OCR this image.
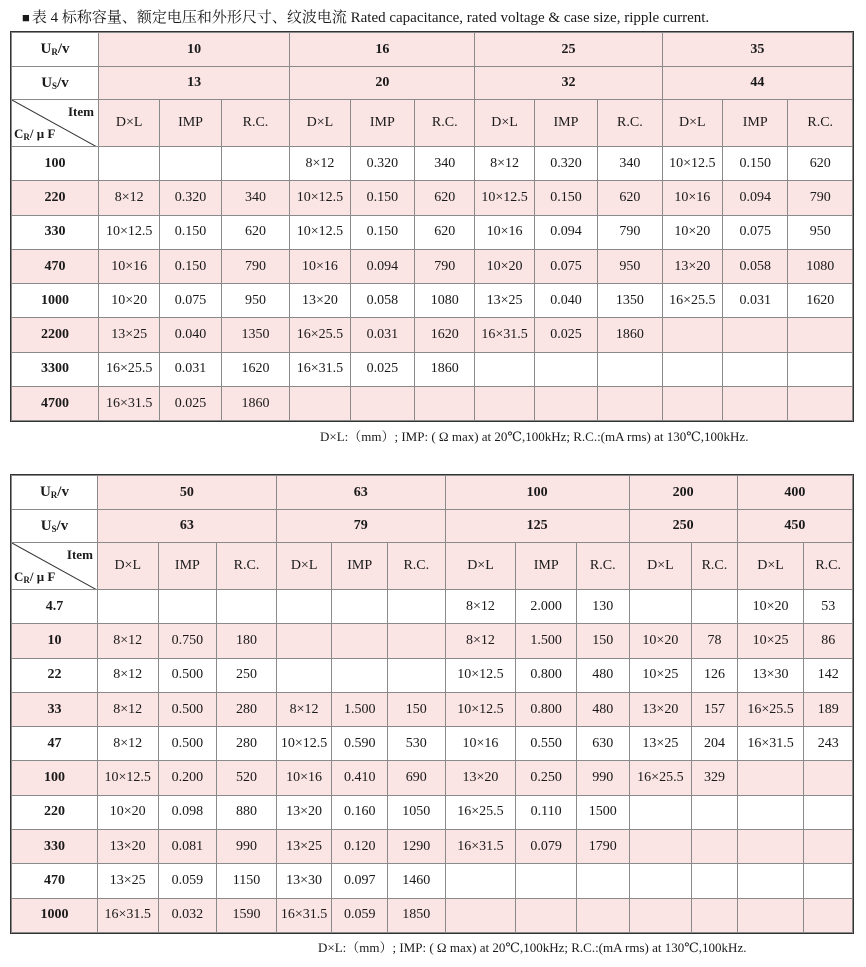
■ 表 4 标称容量、额定电压和外形尺寸、纹波电流 Rated capacitance, rated voltage & case size, ripple current.
$U_R/v$	10			16			25			35		
$U_S/v$	13			20			32			44		

Item
$C_R/$ μ F	D×L	IMP	R.C.	D×L	IMP	R.C.	D×L	IMP	R.C.	D×L	IMP	R.C.
100				8×12	0.320	340	8×12	0.320	340	10×12.5	0.150	620
220	8×12	0.320	340	10×12.5	0.150	620	10×12.5	0.150	620	10×16	0.094	790
330	10×12.5	0.150	620	10×12.5	0.150	620	10×16	0.094	790	10×20	0.075	950
470	10×16	0.150	790	10×16	0.094	790	10×20	0.075	950	13×20	0.058	1080
1000	10×20	0.075	950	13×20	0.058	1080	13×25	0.040	1350	16×25.5	0.031	1620
2200	13×25	0.040	1350	16×25.5	0.031	1620	16×31.5	0.025	1860			
3300	16×25.5	0.031	1620	16×31.5	0.025	1860						
4700	16×31.5	0.025	1860									
D×L:（mm）; IMP: ( Ω max) at 20℃,100kHz; R.C.:(mA rms) at 130℃,100kHz.
$U_R/v$	50			63			100			200		400	
$U_S/v$	63			79			125			250		450	

Item
$C_R/$ μ F	D×L	IMP	R.C.	D×L	IMP	R.C.	D×L	IMP	R.C.	D×L	R.C.	D×L	R.C.
4.7							8×12	2.000	130			10×20	53
10	8×12	0.750	180				8×12	1.500	150	10×20	78	10×25	86
22	8×12	0.500	250				10×12.5	0.800	480	10×25	126	13×30	142
33	8×12	0.500	280	8×12	1.500	150	10×12.5	0.800	480	13×20	157	16×25.5	189
47	8×12	0.500	280	10×12.5	0.590	530	10×16	0.550	630	13×25	204	16×31.5	243
100	10×12.5	0.200	520	10×16	0.410	690	13×20	0.250	990	16×25.5	329		
220	10×20	0.098	880	13×20	0.160	1050	16×25.5	0.110	1500				
330	13×20	0.081	990	13×25	0.120	1290	16×31.5	0.079	1790				
470	13×25	0.059	1150	13×30	0.097	1460							
1000	16×31.5	0.032	1590	16×31.5	0.059	1850							
D×L:（mm）; IMP: ( Ω max) at 20℃,100kHz; R.C.:(mA rms) at 130℃,100kHz.
